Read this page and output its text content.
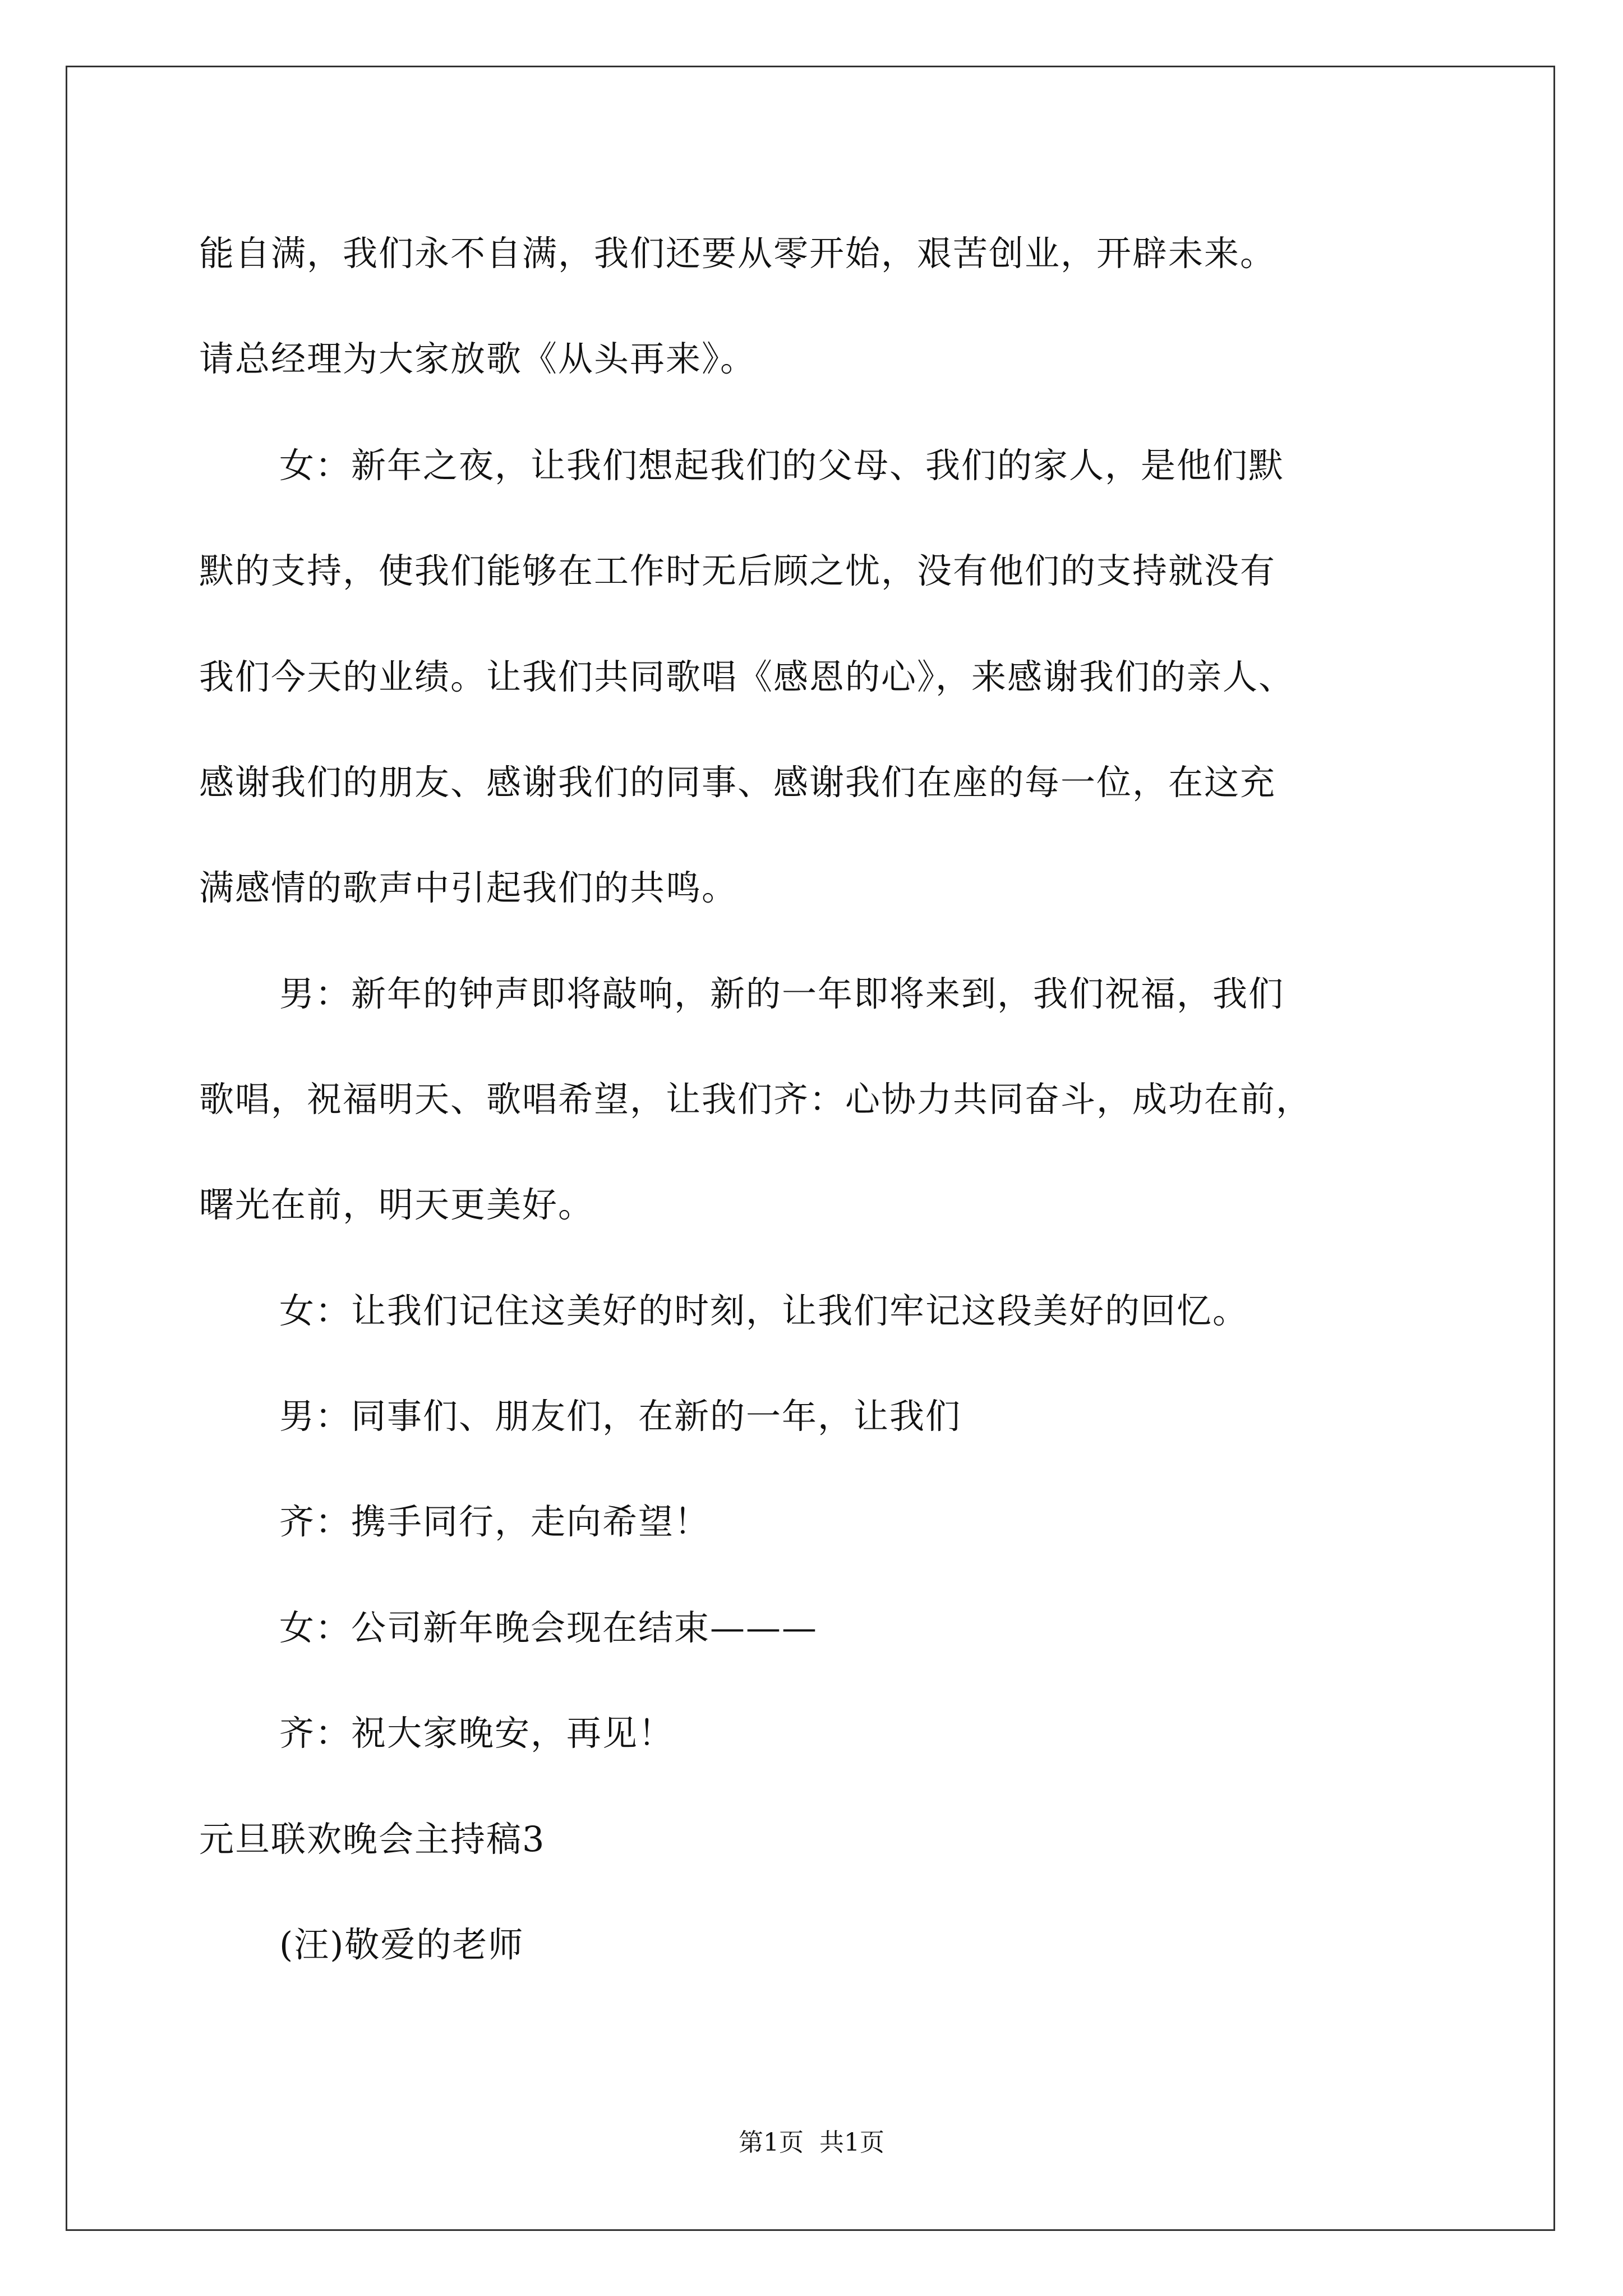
能自满，我们永不自满，我们还要从零开始，艰苦创业，开辟未来。
请总经理为大家放歌《从头再来》。
女：新年之夜，让我们想起我们的父母、我们的家人，是他们默
默的支持，使我们能够在工作时无后顾之忧，没有他们的支持就没有
我们今天的业绩。让我们共同歌唱《感恩的心》，来感谢我们的亲人、
感谢我们的朋友、感谢我们的同事、感谢我们在座的每一位，在这充
满感情的歌声中引起我们的共鸣。
男：新年的钟声即将敲响，新的一年即将来到，我们祝福，我们
歌唱，祝福明天、歌唱希望，让我们齐：心协力共同奋斗，成功在前，
曙光在前，明天更美好。
女：让我们记住这美好的时刻，让我们牢记这段美好的回忆。
男：同事们、朋友们，在新的一年，让我们
齐：携手同行，走向希望！
女：公司新年晚会现在结束———
齐：祝大家晚安，再见！
元旦联欢晚会主持稿3
(汪)敬爱的老师
第1页  共1页
